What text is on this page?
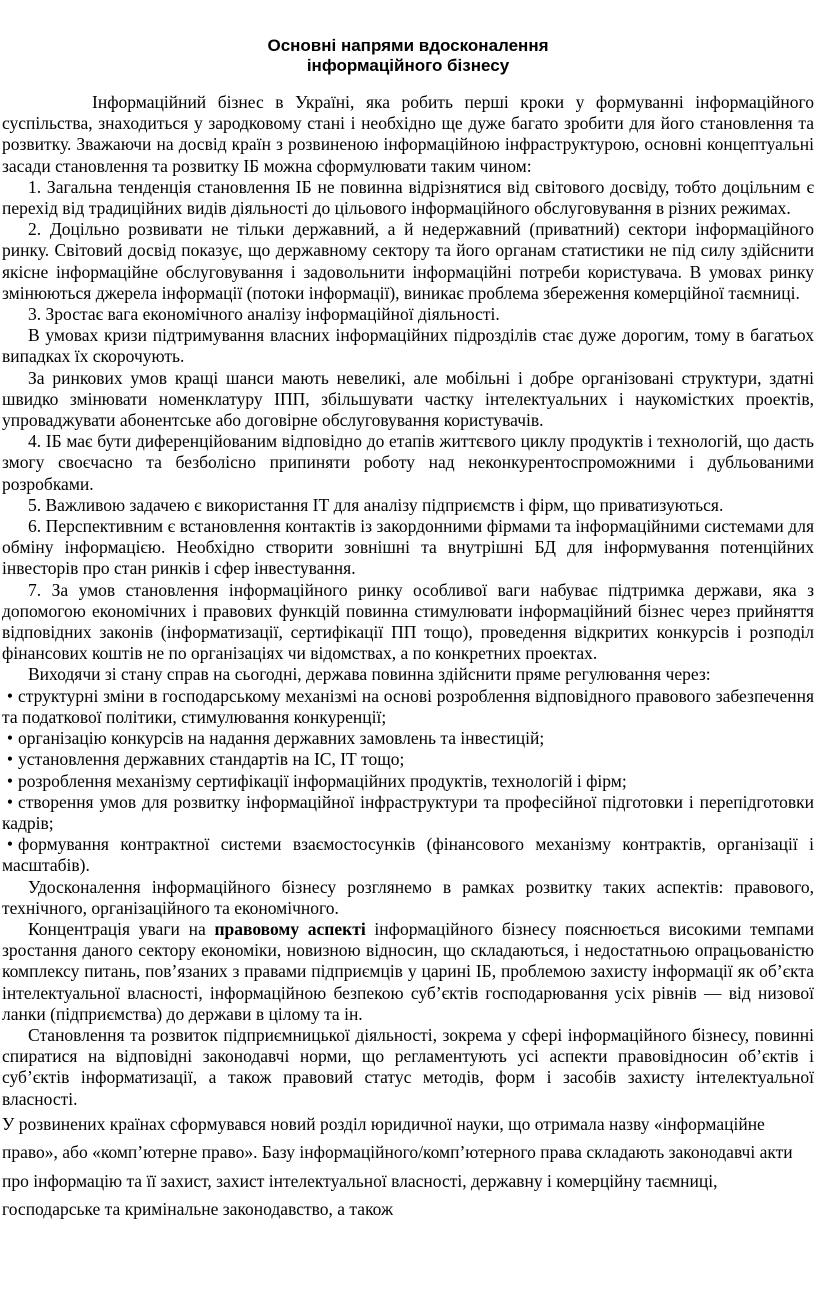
Основні напрями вдосконалення
інформаційного бізнесу

Інформаційний бізнес в Україні, яка робить перші кроки у формуванні інформаційного суспільства, знаходиться у зародковому стані і необхідно ще дуже багато зробити для його становлення та розвитку. Зважаючи на досвід країн з розвиненою інформаційною інфраструктурою, основні концептуальні засади становлення та розвитку ІБ можна сформулювати таким чином:

1. Загальна тенденція становлення ІБ не повинна відрізнятися від світового досвіду, тобто доцільним є перехід від традиційних видів діяльності до цільового інформаційного обслуговування в різних режимах.

2. Доцільно розвивати не тільки державний, а й недержавний (приватний) сектори інформаційного ринку. Світовий досвід показує, що державному сектору та його органам статистики не під силу здійснити якісне інформаційне обслуговування і задовольнити інформаційні потреби користувача. В умовах ринку змінюються джерела інформації (потоки інформації), виникає проблема збереження комерційної таємниці.

3. Зростає вага економічного аналізу інформаційної діяльності.

В умовах кризи підтримування власних інформаційних підрозділів стає дуже дорогим, тому в багатьох випадках їх скорочують.

За ринкових умов кращі шанси мають невеликі, але мобільні і добре організовані структури, здатні швидко змінювати номенклатуру ІПП, збільшувати частку інтелектуальних і наукомістких проектів, упроваджувати абонентське або договірне обслуговування користувачів.

4. ІБ має бути диференційованим відповідно до етапів життєвого циклу продуктів і технологій, що дасть змогу своєчасно та безболісно припиняти роботу над неконкурентоспроможними і дубльованими розробками.

5. Важливою задачею є використання ІТ для аналізу підприємств і фірм, що приватизуються.

6. Перспективним є встановлення контактів із закордонними фірмами та інформаційними системами для обміну інформацією. Необхідно створити зовнішні та внутрішні БД для інформування потенційних інвесторів про стан ринків і сфер інвестування.

7. За умов становлення інформаційного ринку особливої ваги набуває підтримка держави, яка з допомогою економічних і правових функцій повинна стимулювати інформаційний бізнес через прийняття відповідних законів (інформатизації, сертифікації ПП тощо), проведення відкритих конкурсів і розподіл фінансових коштів не по організаціях чи відомствах, а по конкретних проектах.

Виходячи зі стану справ на сьогодні, держава повинна здійснити пряме регулювання через:

• структурні зміни в господарському механізмі на основі розроблення відповідного правового забезпечення та податкової політики, стимулювання конкуренції;

• організацію конкурсів на надання державних замовлень та інвестицій;

• установлення державних стандартів на ІС, ІТ тощо;

• розроблення механізму сертифікації інформаційних продуктів, технологій і фірм;

• створення умов для розвитку інформаційної інфраструктури та професійної підготовки і перепідготовки кадрів;

• формування контрактної системи взаємостосунків (фінансового механізму контрактів, організації і масштабів).

Удосконалення інформаційного бізнесу розглянемо в рамках розвитку таких аспектів: правового, технічного, організаційного та економічного.

Концентрація уваги на правовому аспекті інформаційного бізнесу пояснюється високими темпами зростання даного сектору економіки, новизною відносин, що складаються, і недостатньою опрацьованістю комплексу питань, пов’язаних з правами підприємців у царині ІБ, проблемою захисту інформації як об’єкта інтелектуальної власності, інформаційною безпекою суб’єктів господарювання усіх рівнів — від низової ланки (підприємства) до держави в цілому та ін.

Становлення та розвиток підприємницької діяльності, зокрема у сфері інформаційного бізнесу, повинні спиратися на відповідні законодавчі норми, що регламентують усі аспекти правовідносин об’єктів і суб’єктів інформатизації, а також правовий статус методів, форм і засобів захисту інтелектуальної власності.

У розвинених країнах сформувався новий розділ юридичної науки, що отримала назву «інформаційне право», або «комп’ютерне право». Базу інформаційного/комп’ютерного права складають законодавчі акти про інформацію та її захист, захист інтелектуальної власності, державну і комерційну таємниці, господарське та кримінальне законодавство, а також
